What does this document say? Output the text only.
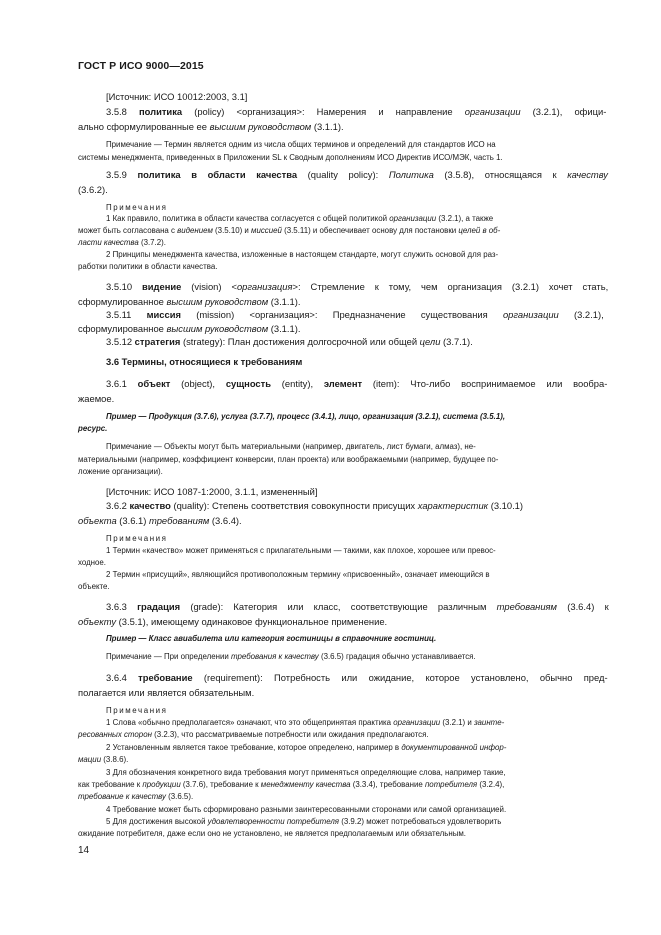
ГОСТ Р ИСО 9000—2015
14
[Источник: ИСО 10012:2003, 3.1]
3.5.8 политика (policy) <организация>: Намерения и направление организации (3.2.1), офици-
ально сформулированные ее высшим руководством (3.1.1).
Примечание — Термин является одним из числа общих терминов и определений для стандартов ИСО на
системы менеджмента, приведенных в Приложении SL к Сводным дополнениям ИСО Директив ИСО/МЭК, часть 1.
3.5.9 политика в области качества (quality policy): Политика (3.5.8), относящаяся к качеству
(3.6.2).
Примечания
1 Как правило, политика в области качества согласуется с общей политикой организации (3.2.1), а также
может быть согласована с видением (3.5.10) и миссией (3.5.11) и обеспечивает основу для постановки целей в об-
ласти качества (3.7.2).
2 Принципы менеджмента качества, изложенные в настоящем стандарте, могут служить основой для раз-
работки политики в области качества.
3.5.10 видение (vision) <организация>: Стремление к тому, чем организация (3.2.1) хочет стать,
сформулированное высшим руководством (3.1.1).
3.5.11 миссия (mission) <организация>: Предназначение существования организации (3.2.1),
сформулированное высшим руководством (3.1.1).
3.5.12 стратегия (strategy): План достижения долгосрочной или общей цели (3.7.1).
3.6 Термины, относящиеся к требованиям
3.6.1 объект (object), сущность (entity), элемент (item): Что-либо воспринимаемое или вообра-
жаемое.
Пример — Продукция (3.7.6), услуга (3.7.7), процесс (3.4.1), лицо, организация (3.2.1), система (3.5.1),
ресурс.
Примечание — Объекты могут быть материальными (например, двигатель, лист бумаги, алмаз), не-
материальными (например, коэффициент конверсии, план проекта) или воображаемыми (например, будущее по-
ложение организации).
[Источник: ИСО 1087-1:2000, 3.1.1, измененный]
3.6.2 качество (quality): Степень соответствия совокупности присущих характеристик (3.10.1)
объекта (3.6.1) требованиям (3.6.4).
Примечания
1 Термин «качество» может применяться с прилагательными — такими, как плохое, хорошее или превос-
ходное.
2 Термин «присущий», являющийся противоположным термину «присвоенный», означает имеющийся в
объекте.
3.6.3 градация (grade): Категория или класс, соответствующие различным требованиям (3.6.4) к
объекту (3.5.1), имеющему одинаковое функциональное применение.
Пример — Класс авиабилета или категория гостиницы в справочнике гостиниц.
Примечание — При определении требования к качеству (3.6.5) градация обычно устанавливается.
3.6.4 требование (requirement): Потребность или ожидание, которое установлено, обычно пред-
полагается или является обязательным.
Примечания
1 Слова «обычно предполагается» означают, что это общепринятая практика организации (3.2.1) и заинте-
ресованных сторон (3.2.3), что рассматриваемые потребности или ожидания предполагаются.
2 Установленным является такое требование, которое определено, например в документированной инфор-
мации (3.8.6).
3 Для обозначения конкретного вида требования могут применяться определяющие слова, например такие,
как требование к продукции (3.7.6), требование к менеджменту качества (3.3.4), требование потребителя (3.2.4),
требование к качеству (3.6.5).
4 Требование может быть сформировано разными заинтересованными сторонами или самой организацией.
5 Для достижения высокой удовлетворенности потребителя (3.9.2) может потребоваться удовлетворить
ожидание потребителя, даже если оно не установлено, не является предполагаемым или обязательным.
